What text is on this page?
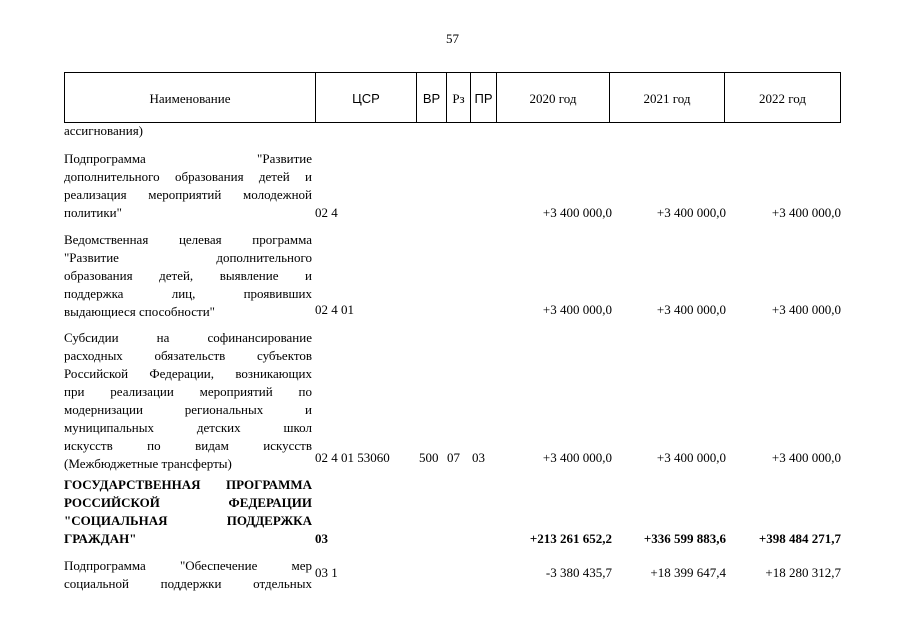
57
Наименование	ЦСР	ВР Рз ПР	2020 год	2021 год	2022 год
ассигнования)
Подпрограмма "Развитие
дополнительного образования детей и
реализация мероприятий молодежной
политики"	02 4	+3 400 000,0	+3 400 000,0	+3 400 000,0
Ведомственная целевая программа
"Развитие дополнительного
образования детей, выявление и
поддержка лиц, проявивших
выдающиеся способности"	02 4 01	+3 400 000,0	+3 400 000,0	+3 400 000,0
Субсидии на софинансирование
расходных обязательств субъектов
Российской Федерации, возникающих
при реализации мероприятий по
модернизации региональных и
муниципальных детских школ
искусств по видам искусств
(Межбюджетные трансферты)	02 4 01 53060 500 07 03	+3 400 000,0	+3 400 000,0	+3 400 000,0
ГОСУДАРСТВЕННАЯ ПРОГРАММА
РОССИЙСКОЙ ФЕДЕРАЦИИ
"СОЦИАЛЬНАЯ ПОДДЕРЖКА
ГРАЖДАН"	03	+213 261 652,2 +336 599 883,6	+398 484 271,7
Подпрограмма "Обеспечение мер
социальной поддержки отдельных
03 1	-3 380 435,7	+18 399 647,4	+18 280 312,7
